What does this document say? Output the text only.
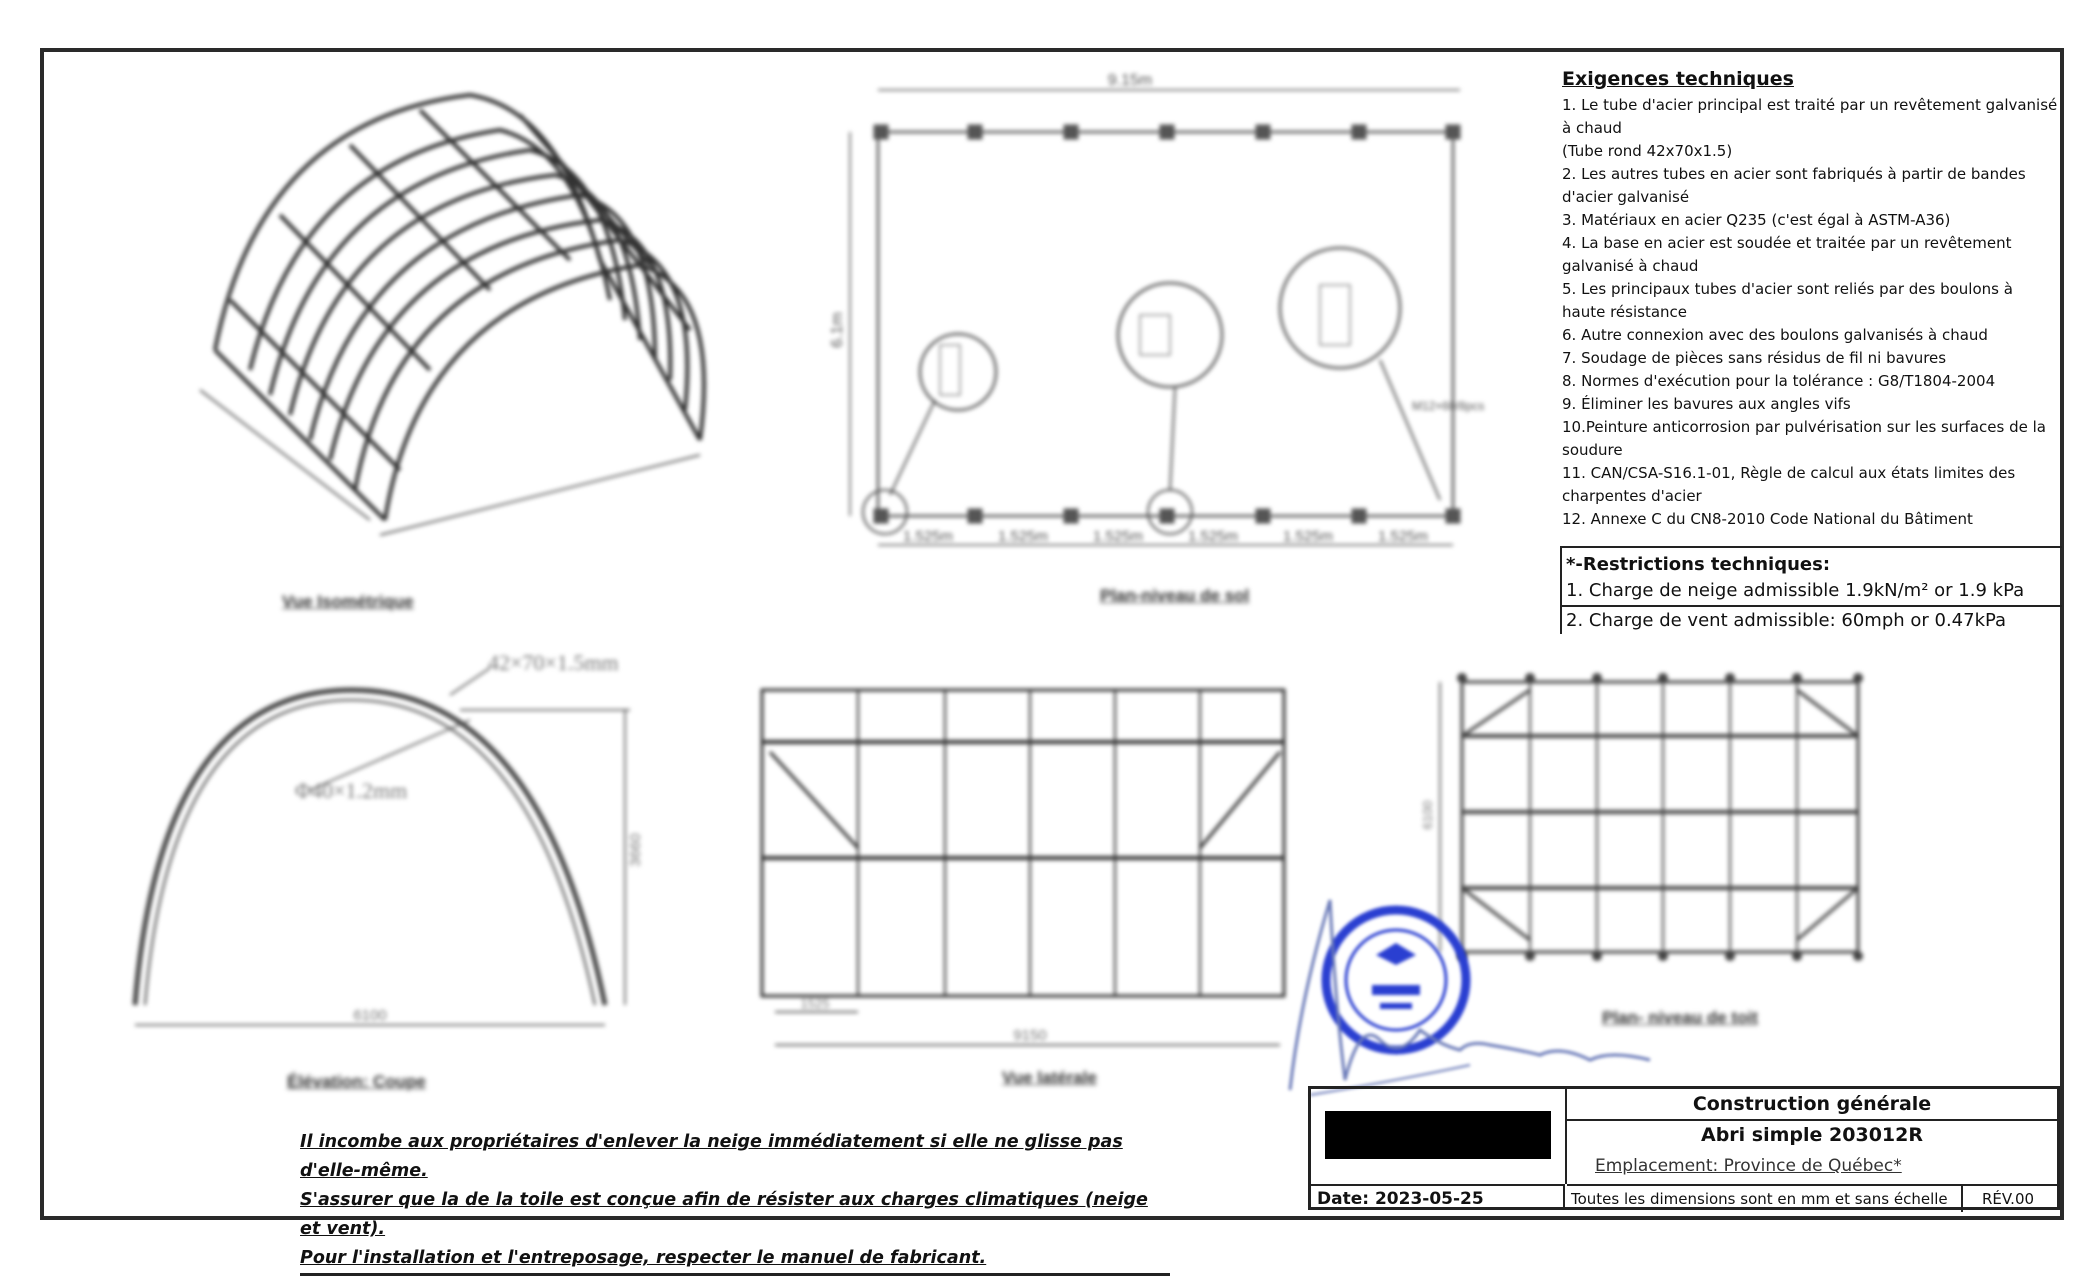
9.15m
6.1m
1.525m	1.525m	1.525m	1.525m	1.525m	1.525m
M12×60/8pcs
42×70×1.5mm
Φ40×1.2mm
3660
6100
1525
9150
6100
Vue Isométrique	Plan-niveau de sol
Élévation: Coupe	Vue latérale
Plan- niveau de toit
Exigences techniques
1. Le tube d'acier principal est traité par un revêtement galvanisé à chaud
(Tube rond 42x70x1.5)
2. Les autres tubes en acier sont fabriqués à partir de bandes d'acier galvanisé
3. Matériaux en acier Q235 (c'est égal à ASTM-A36)
4. La base en acier est soudée et traitée par un revêtement galvanisé à chaud
5. Les principaux tubes d'acier sont reliés par des boulons à haute résistance
6. Autre connexion avec des boulons galvanisés à chaud
7. Soudage de pièces sans résidus de fil ni bavures
8. Normes d'exécution pour la tolérance : G8/T1804-2004
9. Éliminer les bavures aux angles vifs
10.Peinture anticorrosion par pulvérisation sur les surfaces de la soudure
11. CAN/CSA-S16.1-01, Règle de calcul aux états limites des charpentes d'acier
12. Annexe C du CN8-2010 Code National du Bâtiment
*-Restrictions techniques:
1. Charge de neige admissible 1.9kN/m² or 1.9 kPa
2. Charge de vent admissible: 60mph or 0.47kPa
Il incombe aux propriétaires d'enlever la neige immédiatement si elle ne glisse pas d'elle-même.
S'assurer que la de la toile est conçue afin de résister aux charges climatiques (neige et vent).
Pour l'installation et l'entreposage, respecter le manuel de fabricant.
Date: 2023-05-25
Construction générale
Abri simple 203012R
Emplacement: Province de Québec*
Toutes les dimensions sont en mm et sans échelle	RÉV.00
